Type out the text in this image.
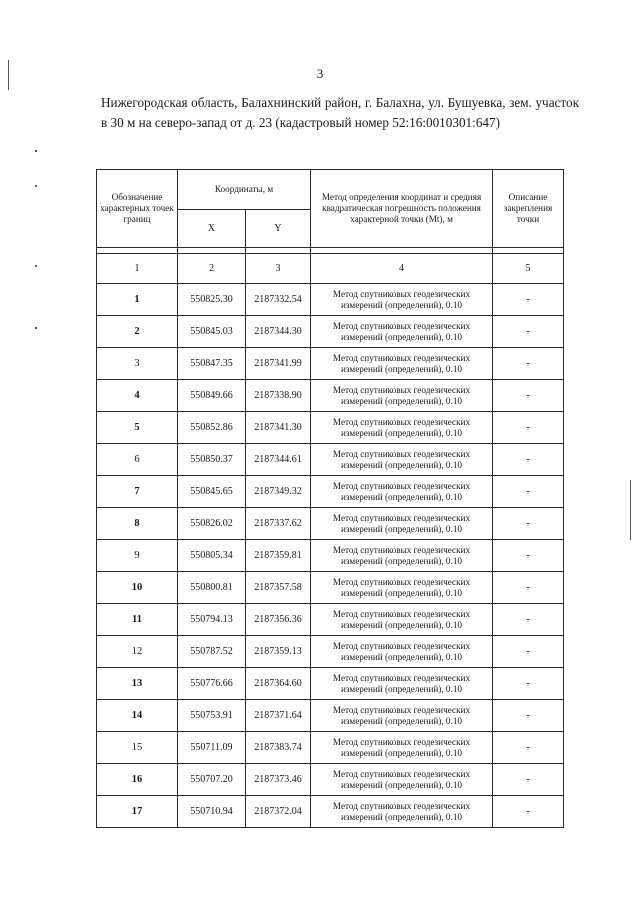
3
Нижегородская область, Балахнинский район, г. Балахна, ул. Бушуевка, зем. участок в 30 м на северо-запад от д. 23 (кадастровый номер 52:16:0010301:647)
Обозначение характерных точек границ	Координаты, м		Метод определения координат и средняя квадратическая погрешность положения характерной точки (Mt), м	Описание закрепления точки
	X	Y		

1	2	3	4	5
1	550825.30	2187332.54	Метод спутниковых геодезических измерений (определений), 0.10	-
2	550845.03	2187344.30	Метод спутниковых геодезических измерений (определений), 0.10	-
3	550847.35	2187341.99	Метод спутниковых геодезических измерений (определений), 0.10	-
4	550849.66	2187338.90	Метод спутниковых геодезических измерений (определений), 0.10	-
5	550852.86	2187341.30	Метод спутниковых геодезических измерений (определений), 0.10	-
6	550850.37	2187344.61	Метод спутниковых геодезических измерений (определений), 0.10	-
7	550845.65	2187349.32	Метод спутниковых геодезических измерений (определений), 0.10	-
8	550826.02	2187337.62	Метод спутниковых геодезических измерений (определений), 0.10	-
9	550805.34	2187359.81	Метод спутниковых геодезических измерений (определений), 0.10	-
10	550800.81	2187357.58	Метод спутниковых геодезических измерений (определений), 0.10	-
11	550794.13	2187356.36	Метод спутниковых геодезических измерений (определений), 0.10	-
12	550787.52	2187359.13	Метод спутниковых геодезических измерений (определений), 0.10	-
13	550776.66	2187364.60	Метод спутниковых геодезических измерений (определений), 0.10	-
14	550753.91	2187371.64	Метод спутниковых геодезических измерений (определений), 0.10	-
15	550711.09	2187383.74	Метод спутниковых геодезических измерений (определений), 0.10	-
16	550707.20	2187373.46	Метод спутниковых геодезических измерений (определений), 0.10	-
17	550710.94	2187372.04	Метод спутниковых геодезических измерений (определений), 0.10	-
